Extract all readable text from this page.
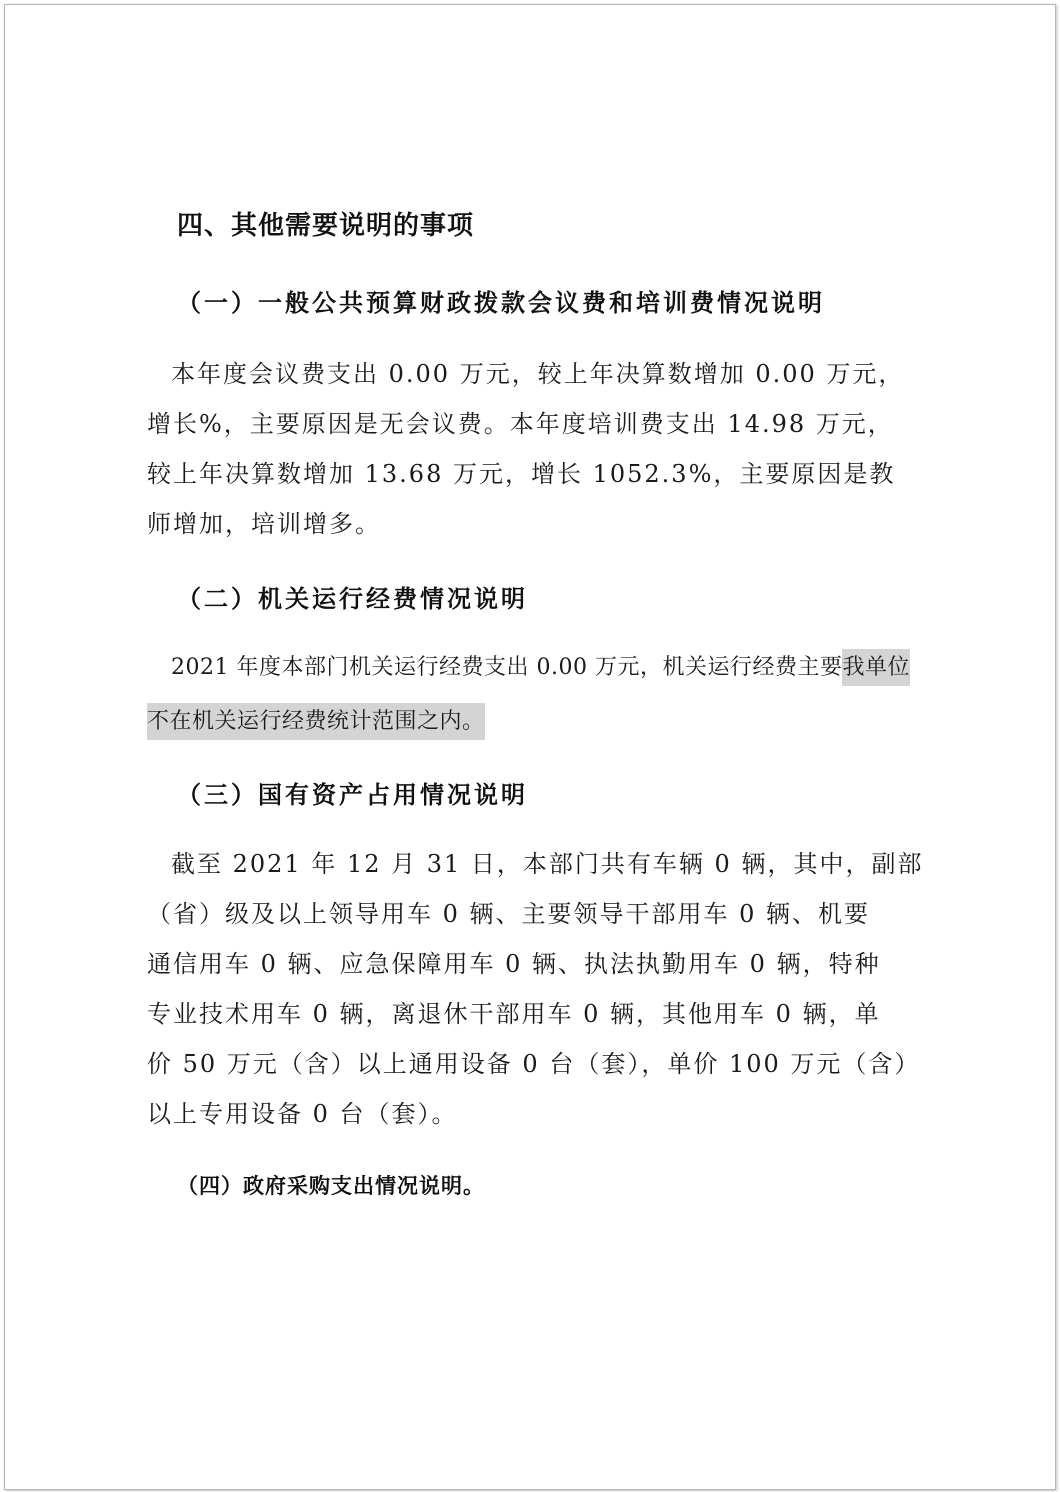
四、其他需要说明的事项
（一）一般公共预算财政拨款会议费和培训费情况说明
本年度会议费支出 0.00 万元，较上年决算数增加 0.00 万元，
增长%，主要原因是无会议费。本年度培训费支出 14.98 万元，
较上年决算数增加 13.68 万元，增长 1052.3%，主要原因是教
师增加，培训增多。
（二）机关运行经费情况说明
2021 年度本部门机关运行经费支出 0.00 万元，机关运行经费主要我单位
不在机关运行经费统计范围之内。
（三）国有资产占用情况说明
截至 2021 年 12 月 31 日，本部门共有车辆 0 辆，其中，副部
（省）级及以上领导用车 0 辆、主要领导干部用车 0 辆、机要
通信用车 0 辆、应急保障用车 0 辆、执法执勤用车 0 辆，特种
专业技术用车 0 辆，离退休干部用车 0 辆，其他用车 0 辆，单
价 50 万元（含）以上通用设备 0 台（套），单价 100 万元（含）
以上专用设备 0 台（套）。
（四）政府采购支出情况说明。
